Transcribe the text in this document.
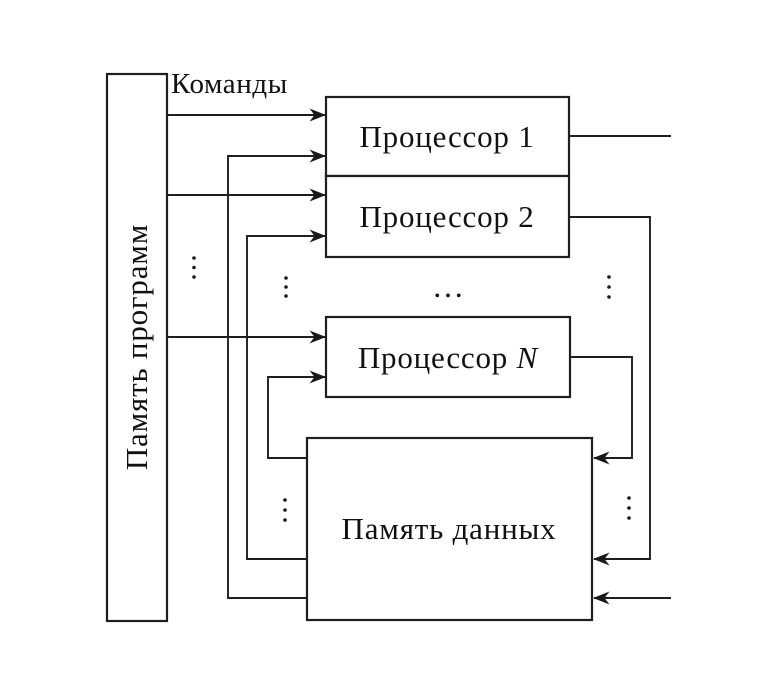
Память программ
Команды
Процессор 1
Процессор 2
Процессор N
Память данных
…
